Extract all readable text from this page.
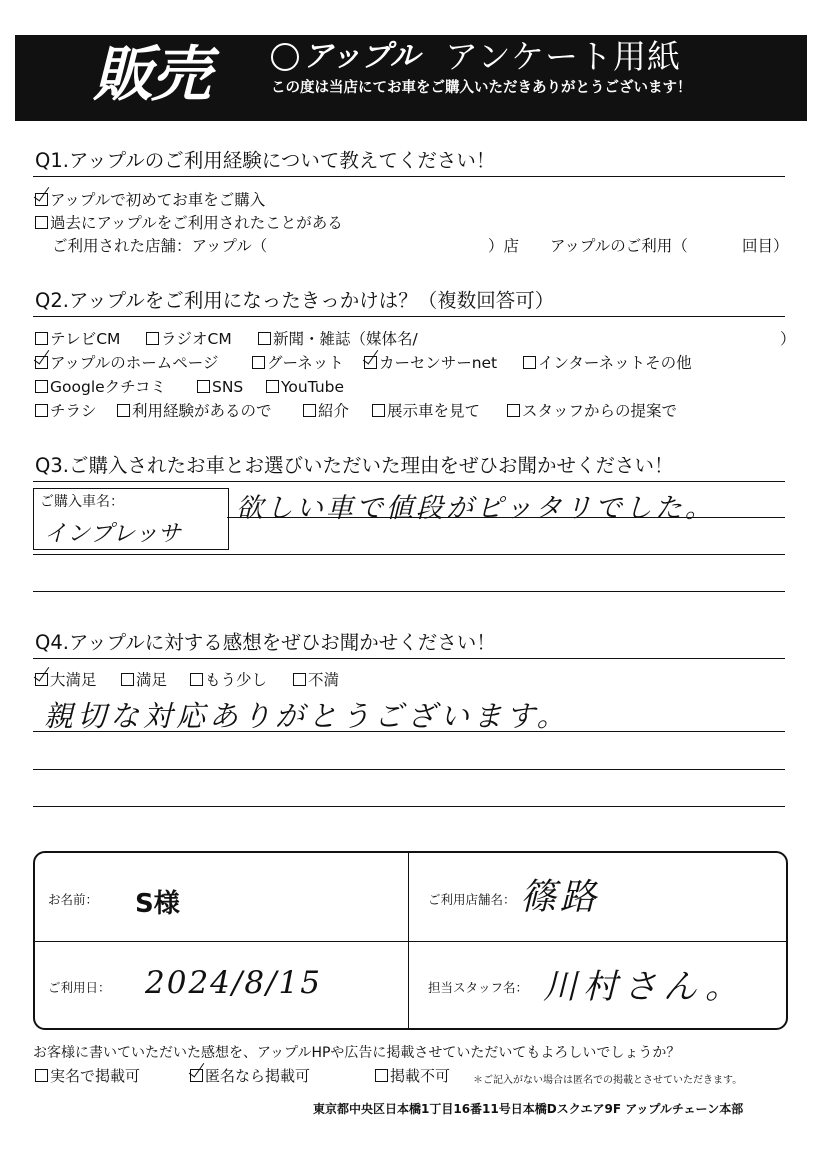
販売	アップル アンケート用紙
この度は当店にてお車をご購入いただきありがとうございます！
Q1.アップルのご利用経験について教えてください！
アップルで初めてお車をご購入
過去にアップルをご利用されたことがある
ご利用された店舗：アップル（	）店 アップルのご利用（	回目）
Q2.アップルをご利用になったきっかけは？（複数回答可）
テレビCM	ラジオCM	新聞・雑誌（媒体名/	）
アップルのホームページ	グーネット	カーセンサーnet	インターネットその他
Googleクチコミ	SNS	YouTube
チラシ	利用経験があるので	紹介	展示車を見て	スタッフからの提案で
Q3.ご購入されたお車とお選びいただいた理由をぜひお聞かせください！
ご購入車名：
インプレッサ
欲しい車で値段がピッタリでした。
Q4.アップルに対する感想をぜひお聞かせください！
大満足	満足	もう少し	不満
親切な対応ありがとうございます。
お名前： S様	ご利用店舗名： 篠路
ご利用日： 2024/8/15	担当スタッフ名： 川村さん。
お客様に書いていただいた感想を、アップルHPや広告に掲載させていただいてもよろしいでしょうか？
実名で掲載可	匿名なら掲載可	掲載不可 ＊ご記入がない場合は匿名での掲載とさせていただきます。
東京都中央区日本橋1丁目16番11号日本橋Dスクエア9F アップルチェーン本部
